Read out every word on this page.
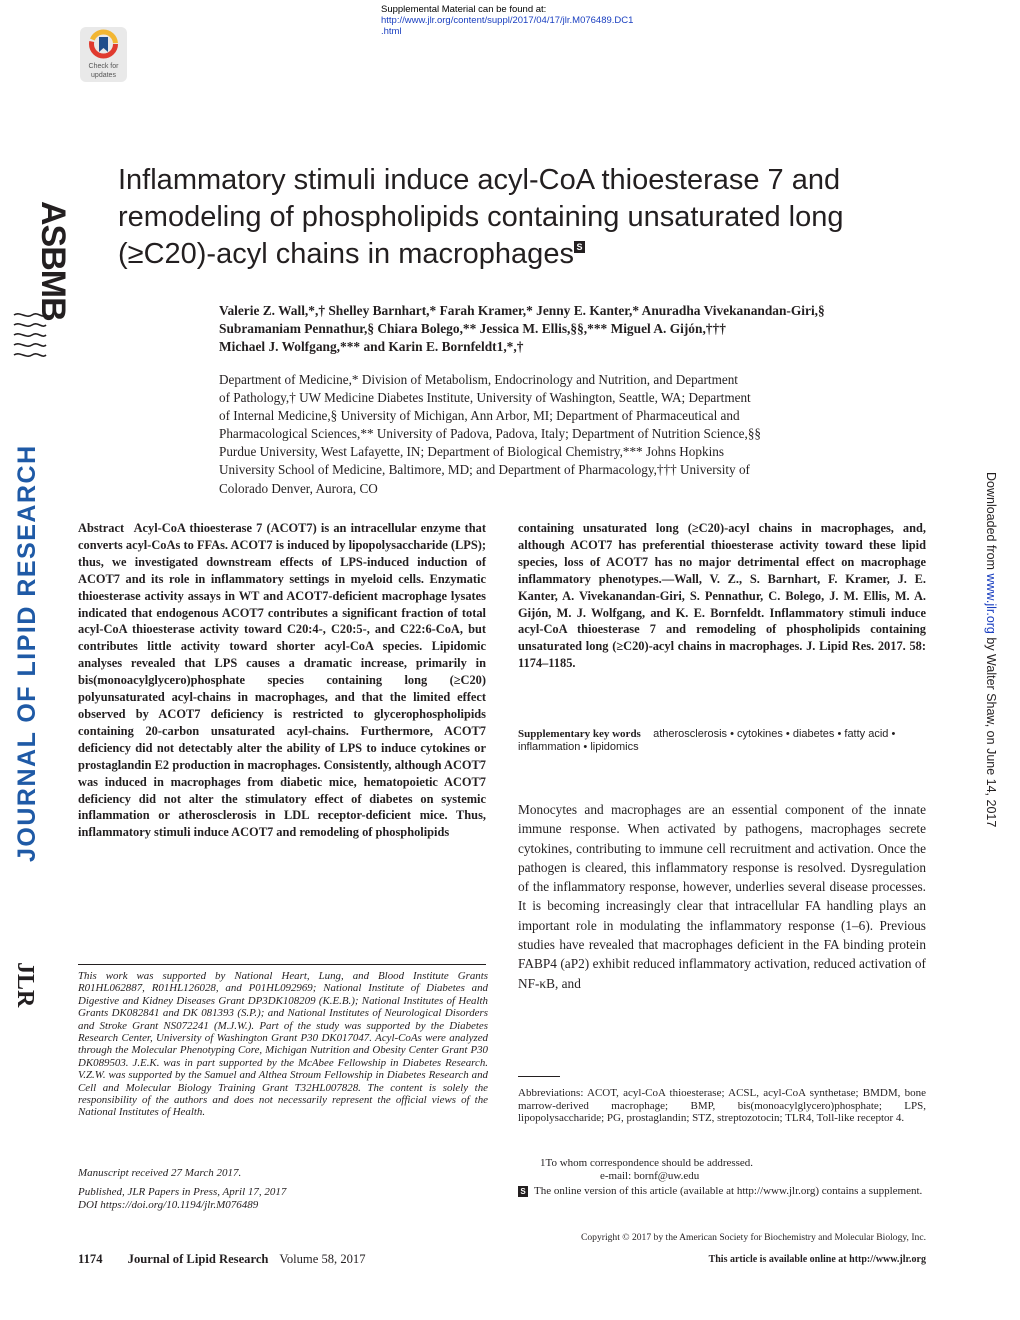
Supplemental Material can be found at:
http://www.jlr.org/content/suppl/2017/04/17/jlr.M076489.DC1
.html
Check for
updates
ASBMB
JOURNAL OF LIPID RESEARCH
JLR
Downloaded from www.jlr.org by Walter Shaw, on June 14, 2017
Inflammatory stimuli induce acyl-CoA thioesterase 7 and
remodeling of phospholipids containing unsaturated long
(≥C20)-acyl chains in macrophages S
Valerie Z. Wall,*,† Shelley Barnhart,* Farah Kramer,* Jenny E. Kanter,* Anuradha Vivekanandan-Giri,§
Subramaniam Pennathur,§ Chiara Bolego,** Jessica M. Ellis,§§,*** Miguel A. Gijón,†††
Michael J. Wolfgang,*** and Karin E. Bornfeldt1,*,†
Department of Medicine,* Division of Metabolism, Endocrinology and Nutrition, and Department
of Pathology,† UW Medicine Diabetes Institute, University of Washington, Seattle, WA; Department
of Internal Medicine,§ University of Michigan, Ann Arbor, MI; Department of Pharmaceutical and
Pharmacological Sciences,** University of Padova, Padova, Italy; Department of Nutrition Science,§§
Purdue University, West Lafayette, IN; Department of Biological Chemistry,*** Johns Hopkins
University School of Medicine, Baltimore, MD; and Department of Pharmacology,††† University of
Colorado Denver, Aurora, CO
Abstract Acyl-CoA thioesterase 7 (ACOT7) is an intracellular enzyme that converts acyl-CoAs to FFAs. ACOT7 is induced by lipopolysaccharide (LPS); thus, we investigated downstream effects of LPS-induced induction of ACOT7 and its role in inflammatory settings in myeloid cells. Enzymatic thioesterase activity assays in WT and ACOT7-deficient macrophage lysates indicated that endogenous ACOT7 contributes a significant fraction of total acyl-CoA thioesterase activity toward C20:4-, C20:5-, and C22:6-CoA, but contributes little activity toward shorter acyl-CoA species. Lipidomic analyses revealed that LPS causes a dramatic increase, primarily in bis(monoacylglycero)phosphate species containing long (≥C20) polyunsaturated acyl-chains in macrophages, and that the limited effect observed by ACOT7 deficiency is restricted to glycerophospholipids containing 20-carbon unsaturated acyl-chains. Furthermore, ACOT7 deficiency did not detectably alter the ability of LPS to induce cytokines or prostaglandin E2 production in macrophages. Consistently, although ACOT7 was induced in macrophages from diabetic mice, hematopoietic ACOT7 deficiency did not alter the stimulatory effect of diabetes on systemic inflammation or atherosclerosis in LDL receptor-deficient mice. Thus, inflammatory stimuli induce ACOT7 and remodeling of phospholipids
This work was supported by National Heart, Lung, and Blood Institute Grants R01HL062887, R01HL126028, and P01HL092969; National Institute of Diabetes and Digestive and Kidney Diseases Grant DP3DK108209 (K.E.B.); National Institutes of Health Grants DK082841 and DK 081393 (S.P.); and National Institutes of Neurological Disorders and Stroke Grant NS072241 (M.J.W.). Part of the study was supported by the Diabetes Research Center, University of Washington Grant P30 DK017047. Acyl-CoAs were analyzed through the Molecular Phenotyping Core, Michigan Nutrition and Obesity Center Grant P30 DK089503. J.E.K. was in part supported by the McAbee Fellowship in Diabetes Research. V.Z.W. was supported by the Samuel and Althea Stroum Fellowship in Diabetes Research and Cell and Molecular Biology Training Grant T32HL007828. The content is solely the responsibility of the authors and does not necessarily represent the official views of the National Institutes of Health.
Manuscript received 27 March 2017.
Published, JLR Papers in Press, April 17, 2017
DOI https://doi.org/10.1194/jlr.M076489
containing unsaturated long (≥C20)-acyl chains in macrophages, and, although ACOT7 has preferential thioesterase activity toward these lipid species, loss of ACOT7 has no major detrimental effect on macrophage inflammatory phenotypes.—Wall, V. Z., S. Barnhart, F. Kramer, J. E. Kanter, A. Vivekanandan-Giri, S. Pennathur, C. Bolego, J. M. Ellis, M. A. Gijón, M. J. Wolfgang, and K. E. Bornfeldt. Inflammatory stimuli induce acyl-CoA thioesterase 7 and remodeling of phospholipids containing unsaturated long (≥C20)-acyl chains in macrophages. J. Lipid Res. 2017. 58: 1174–1185.
Supplementary key words atherosclerosis • cytokines • diabetes • fatty acid • inflammation • lipidomics
Monocytes and macrophages are an essential component of the innate immune response. When activated by pathogens, macrophages secrete cytokines, contributing to immune cell recruitment and activation. Once the pathogen is cleared, this inflammatory response is resolved. Dysregulation of the inflammatory response, however, underlies several disease processes. It is becoming increasingly clear that intracellular FA handling plays an important role in modulating the inflammatory response (1–6). Previous studies have revealed that macrophages deficient in the FA binding protein FABP4 (aP2) exhibit reduced inflammatory activation, reduced activation of NF-κB, and
Abbreviations: ACOT, acyl-CoA thioesterase; ACSL, acyl-CoA synthetase; BMDM, bone marrow-derived macrophage; BMP, bis(monoacylglycero)phosphate; LPS, lipopolysaccharide; PG, prostaglandin; STZ, streptozotocin; TLR4, Toll-like receptor 4.
1To whom correspondence should be addressed.
e-mail: bornf@uw.edu
S The online version of this article (available at http://www.jlr.org) contains a supplement.
Copyright © 2017 by the American Society for Biochemistry and Molecular Biology, Inc.
1174 Journal of Lipid Research Volume 58, 2017	This article is available online at http://www.jlr.org
